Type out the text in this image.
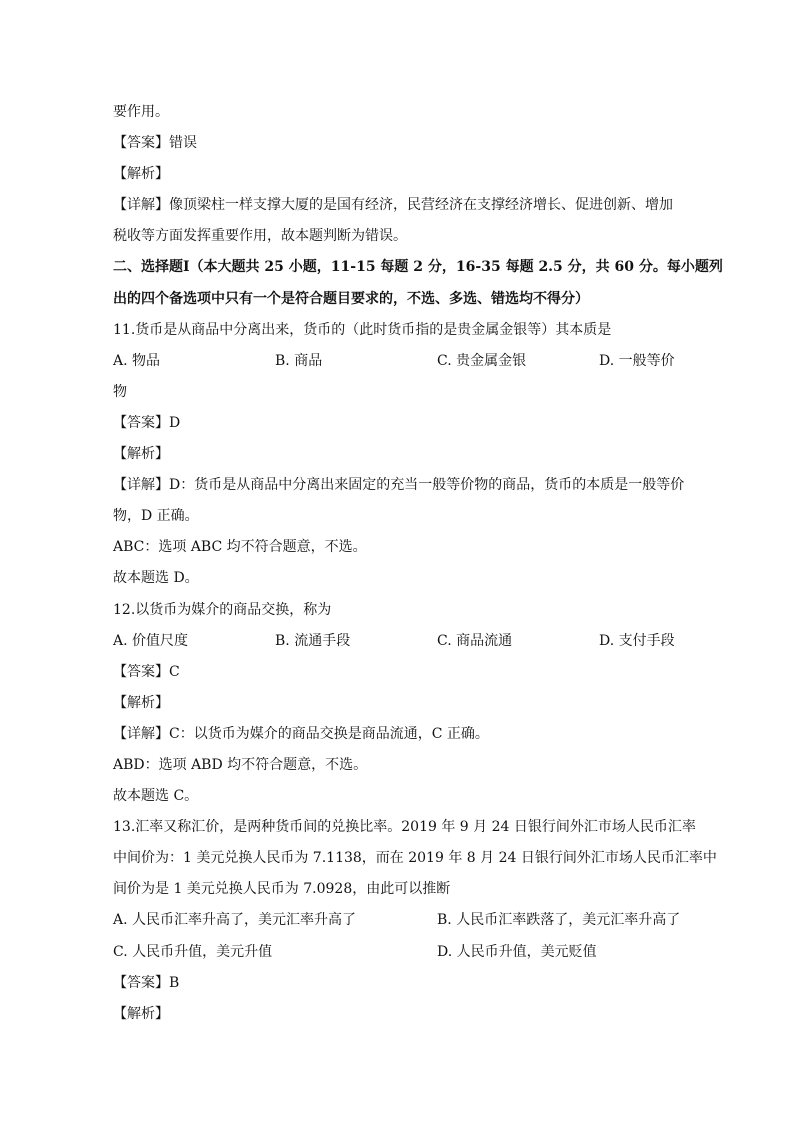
要作用。
【答案】错误
【解析】
【详解】像顶梁柱一样支撑大厦的是国有经济，民营经济在支撑经济增长、促进创新、增加
税收等方面发挥重要作用，故本题判断为错误。
二、选择题Ⅰ（本大题共 25 小题，11-15 每题 2 分，16-35 每题 2.5 分，共 60 分。每小题列
出的四个备选项中只有一个是符合题目要求的，不选、多选、错选均不得分）
11.货币是从商品中分离出来，货币的（此时货币指的是贵金属金银等）其本质是
A. 物品	B. 商品	C. 贵金属金银	D. 一般等价
物
【答案】D
【解析】
【详解】D：货币是从商品中分离出来固定的充当一般等价物的商品，货币的本质是一般等价
物，D 正确。
ABC：选项 ABC 均不符合题意，不选。
故本题选 D。
12.以货币为媒介的商品交换，称为
A. 价值尺度	B. 流通手段	C. 商品流通	D. 支付手段
【答案】C
【解析】
【详解】C：以货币为媒介的商品交换是商品流通，C 正确。
ABD：选项 ABD 均不符合题意，不选。
故本题选 C。
13.汇率又称汇价，是两种货币间的兑换比率。2019 年 9 月 24 日银行间外汇市场人民币汇率
中间价为：1 美元兑换人民币为 7.1138，而在 2019 年 8 月 24 日银行间外汇市场人民币汇率中
间价为是 1 美元兑换人民币为 7.0928，由此可以推断
A. 人民币汇率升高了，美元汇率升高了	B. 人民币汇率跌落了，美元汇率升高了
C. 人民币升值，美元升值	D. 人民币升值，美元贬值
【答案】B
【解析】
